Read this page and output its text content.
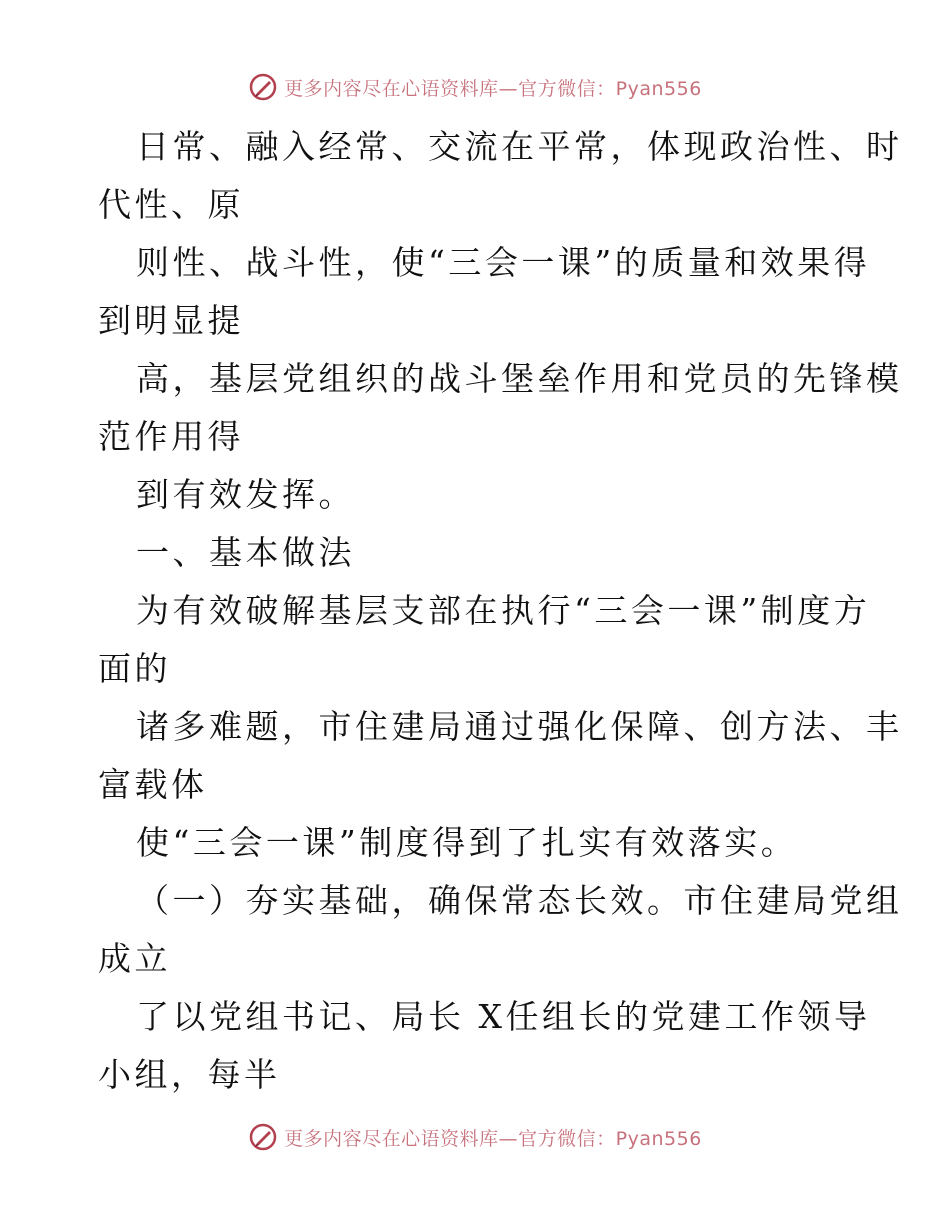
更多内容尽在心语资料库—官方微信：Pyan556
日常、融入经常、交流在平常，体现政治性、时
代性、原
则性、战斗性，使“三会一课”的质量和效果得
到明显提
高，基层党组织的战斗堡垒作用和党员的先锋模
范作用得
到有效发挥。
一、基本做法
为有效破解基层支部在执行“三会一课”制度方
面的
诸多难题，市住建局通过强化保障、创方法、丰
富载体
使“三会一课”制度得到了扎实有效落实。
（一）夯实基础，确保常态长效。市住建局党组
成立
了以党组书记、局长 X任组长的党建工作领导
小组，每半
更多内容尽在心语资料库—官方微信：Pyan556
